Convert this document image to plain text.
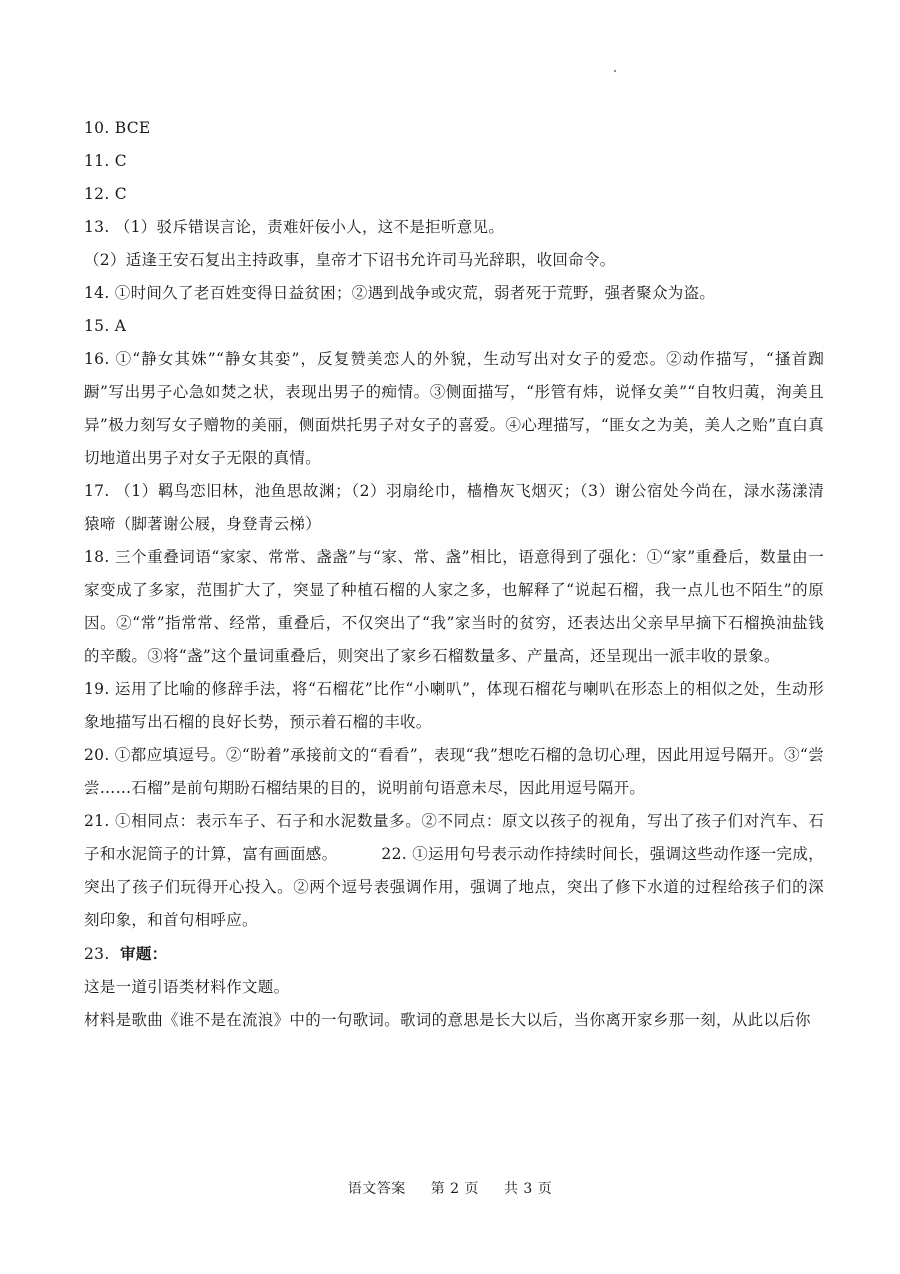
10. BCE

11. C

12. C

13. （1）驳斥错误言论，责难奸佞小人，这不是拒听意见。

（2）适逢王安石复出主持政事，皇帝才下诏书允许司马光辞职，收回命令。

14. ①时间久了老百姓变得日益贫困；②遇到战争或灾荒，弱者死于荒野，强者聚众为盗。

15. A

16. ①“静女其姝”“静女其娈”，反复赞美恋人的外貌，生动写出对女子的爱恋。②动作描写，“搔首踟蹰”写出男子心急如焚之状，表现出男子的痴情。③侧面描写，“彤管有炜，说怿女美”“自牧归荑，洵美且异”极力刻写女子赠物的美丽，侧面烘托男子对女子的喜爱。④心理描写，“匪女之为美，美人之贻”直白真切地道出男子对女子无限的真情。

17. （1）羁鸟恋旧林，池鱼思故渊；（2）羽扇纶巾，樯橹灰飞烟灭；（3）谢公宿处今尚在，渌水荡漾清猿啼（脚著谢公屐，身登青云梯）

18. 三个重叠词语“家家、常常、盏盏”与“家、常、盏”相比，语意得到了强化：①“家”重叠后，数量由一家变成了多家，范围扩大了，突显了种植石榴的人家之多，也解释了“说起石榴，我一点儿也不陌生”的原因。②“常”指常常、经常，重叠后，不仅突出了“我”家当时的贫穷，还表达出父亲早早摘下石榴换油盐钱的辛酸。③将“盏”这个量词重叠后，则突出了家乡石榴数量多、产量高，还呈现出一派丰收的景象。

19. 运用了比喻的修辞手法，将“石榴花”比作“小喇叭”，体现石榴花与喇叭在形态上的相似之处，生动形象地描写出石榴的良好长势，预示着石榴的丰收。

20. ①都应填逗号。②“盼着”承接前文的“看看”，表现“我”想吃石榴的急切心理，因此用逗号隔开。③“尝尝……石榴”是前句期盼石榴结果的目的，说明前句语意未尽，因此用逗号隔开。

21. ①相同点：表示车子、石子和水泥数量多。②不同点：原文以孩子的视角，写出了孩子们对汽车、石子和水泥筒子的计算，富有画面感。	22. ①运用句号表示动作持续时间长，强调这些动作逐一完成，突出了孩子们玩得开心投入。②两个逗号表强调作用，强调了地点，突出了修下水道的过程给孩子们的深刻印象，和首句相呼应。

23. 审题：

这是一道引语类材料作文题。

材料是歌曲《谁不是在流浪》中的一句歌词。歌词的意思是长大以后，当你离开家乡那一刻，从此以后你

语文答案 第 2 页 共 3 页
